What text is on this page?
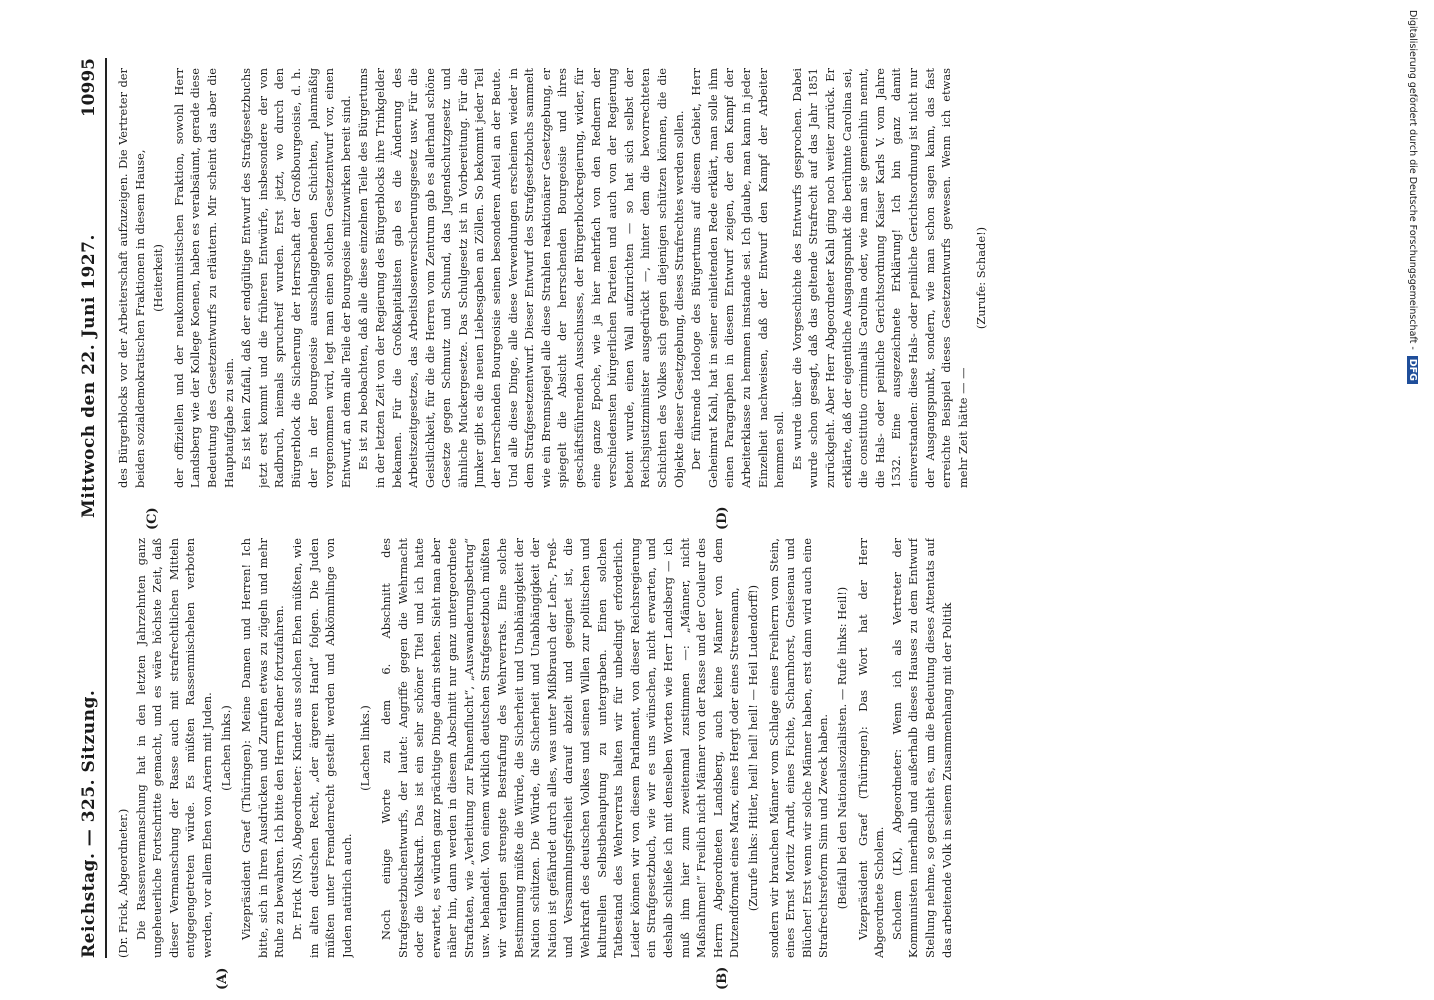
Reichstag. — 325. Sitzung.
Mittwoch den 22. Juni 1927.
10995

(Dr. Frick, Abgeordneter.) Die Rassenvermanschung hat in den letzten Jahrzehnten ganz ungeheuerliche Fortschritte gemacht, und es wäre höchste Zeit, daß dieser Vermanschung der Rasse auch mit strafrechtlichen Mitteln entgegengetreten würde. Es müßten Rassenmischehen verboten werden, vor allem Ehen von Ariern mit Juden. (Lachen links.) Vizepräsident Graef (Thüringen): Meine Damen und Herren! Ich bitte, sich in Ihren Ausdrücken und Zurufen etwas zu zügeln und mehr Ruhe zu bewahren. Ich bitte den Herrn Redner fortzufahren. Dr. Frick (NS), Abgeordneter: Kinder aus solchen Ehen müßten, wie im alten deutschen Recht, „der ärgeren Hand“ folgen. Die Juden müßten unter Fremdenrecht gestellt werden und Abkömmlinge von Juden natürlich auch.

(Lachen links.) Noch einige Worte zu dem 6. Abschnitt des Strafgesetzbuchentwurfs, der lautet: Angriffe gegen die Wehrmacht oder die Volkskraft. Das ist ein sehr schöner Titel und ich hatte erwartet, es würden ganz prächtige Dinge darin stehen. Sieht man aber näher hin, dann werden in diesem Abschnitt nur ganz untergeordnete Straftaten, wie „Verleitung zur Fahnenflucht“, „Auswanderungsbetrug“ usw. behandelt. Von einem wirklich deutschen Strafgesetzbuch müßten wir verlangen strengste Bestrafung des Wehrverrats. Eine solche Bestimmung müßte die Würde, die Sicherheit und Unabhängigkeit der Nation schützen. Die Würde, die Sicherheit und Unabhängigkeit der Nation ist gefährdet durch alles, was unter Mißbrauch der Lehr-, Preß- und Versammlungsfreiheit darauf abzielt und geeignet ist, die Wehrkraft des deutschen Volkes und seinen Willen zur politischen und kulturellen Selbstbehauptung zu untergraben. Einen solchen Tatbestand des Wehrverrats halten wir für unbedingt erforderlich. Leider können wir von diesem Parlament, von dieser Reichsregierung ein Strafgesetzbuch, wie wir es uns wünschen, nicht erwarten, und deshalb schließe ich mit denselben Worten wie Herr Landsberg — ich muß ihm hier zum zweitenmal zustimmen —: „Männer, nicht Maßnahmen!“ Freilich nicht Männer von der Rasse und der Couleur des Herrn Abgeordneten Landsberg, auch keine Männer von dem Dutzendformat eines Marx, eines Hergt oder eines Stresemann, (Zurufe links: Hitler, heil! heil! heil! — Heil Ludendorff!) sondern wir brauchen Männer vom Schlage eines Freiherrn vom Stein, eines Ernst Moritz Arndt, eines Fichte, Scharnhorst, Gneisenau und Blücher! Erst wenn wir solche Männer haben, erst dann wird auch eine Strafrechtsreform Sinn und Zweck haben. (Beifall bei den Nationalsozialisten. — Rufe links: Heil!) Vizepräsident Graef (Thüringen): Das Wort hat der Herr Abgeordnete Scholem. Scholem (LK), Abgeordneter: Wenn ich als Vertreter der Kommunisten innerhalb und außerhalb dieses Hauses zu dem Entwurf Stellung nehme, so geschieht es, um die Bedeutung dieses Attentats auf das arbeitende Volk in seinem Zusammenhang mit der Politik

des Bürgerblocks vor der Arbeiterschaft aufzuzeigen. Die Vertreter der beiden sozialdemokratischen Fraktionen in diesem Hause, (Heiterkeit) der offiziellen und der neukommunistischen Fraktion, sowohl Herr Landsberg wie der Kollege Koenen, haben es verabsäumt, gerade diese Bedeutung des Gesetzentwurfs zu erläutern. Mir scheint das aber die Hauptaufgabe zu sein. Es ist kein Zufall, daß der endgültige Entwurf des Strafgesetzbuchs jetzt erst kommt und die früheren Entwürfe, insbesondere der von Radbruch, niemals spruchreif wurden. Erst jetzt, wo durch den Bürgerblock die Sicherung der Herrschaft der Großbourgeoisie, d. h. der in der Bourgeoisie ausschlaggebenden Schichten, planmäßig vorgenommen wird, legt man einen solchen Gesetzentwurf vor, einen Entwurf, an dem alle Teile der Bourgeoisie mitzuwirken bereit sind. Es ist zu beobachten, daß alle diese einzelnen Teile des Bürgertums in der letzten Zeit von der Regierung des Bürgerblocks ihre Trinkgelder bekamen. Für die Großkapitalisten gab es die Änderung des Arbeitszeitgesetzes, das Arbeitslosenversicherungsgesetz usw. Für die Geistlichkeit, für die die Herren vom Zentrum gab es allerhand schöne Gesetze gegen Schmutz und Schund, das Jugendschutzgesetz und ähnliche Muckergesetze. Das Schulgesetz ist in Vorbereitung. Für die Junker gibt es die neuen Liebesgaben an Zöllen. So bekommt jeder Teil der herrschenden Bourgeoisie seinen besonderen Anteil an der Beute. Und alle diese Dinge, alle diese Verwendungen erscheinen wieder in dem Strafgesetzentwurf. Dieser Entwurf des Strafgesetzbuchs sammelt wie ein Brennspiegel alle diese Strahlen reaktionärer Gesetzgebung, er spiegelt die Absicht der herrschenden Bourgeoisie und ihres geschäftsführenden Ausschusses, der Bürgerblockregierung, wider, für eine ganze Epoche, wie ja hier mehrfach von den Rednern der verschiedensten bürgerlichen Parteien und auch von der Regierung betont wurde, einen Wall aufzurichten — so hat sich selbst der Reichsjustizminister ausgedrückt —, hinter dem die bevorrechteten Schichten des Volkes sich gegen diejenigen schützen können, die die Objekte dieser Gesetzgebung, dieses Strafrechtes werden sollen. Der führende Ideologe des Bürgertums auf diesem Gebiet, Herr Geheimrat Kahl, hat in seiner einleitenden Rede erklärt, man solle ihm einen Paragraphen in diesem Entwurf zeigen, der den Kampf der Arbeiterklasse zu hemmen imstande sei. Ich glaube, man kann in jeder Einzelheit nachweisen, daß der Entwurf den Kampf der Arbeiter hemmen soll. Es wurde über die Vorgeschichte des Entwurfs gesprochen. Dabei wurde schon gesagt, daß das geltende Strafrecht auf das Jahr 1851 zurückgeht. Aber Herr Abgeordneter Kahl ging noch weiter zurück. Er erklärte, daß der eigentliche Ausgangspunkt die berühmte Carolina sei, die constitutio criminalis Carolina oder, wie man sie gemeinhin nennt, die Hals- oder peinliche Gerichtsordnung Kaiser Karls V. vom Jahre 1532. Eine ausgezeichnete Erklärung! Ich bin ganz damit einverstanden: diese Hals- oder peinliche Gerichtsordnung ist nicht nur der Ausgangspunkt, sondern, wie man schon sagen kann, das fast erreichte Beispiel dieses Gesetzentwurfs gewesen. Wenn ich etwas mehr Zeit hätte — —

(Zurufe: Schade!)

(A)	(B)
(C)	(D)
Digitalisierung gefördert durch die Deutsche Forschungsgemeinschaft -DFG
